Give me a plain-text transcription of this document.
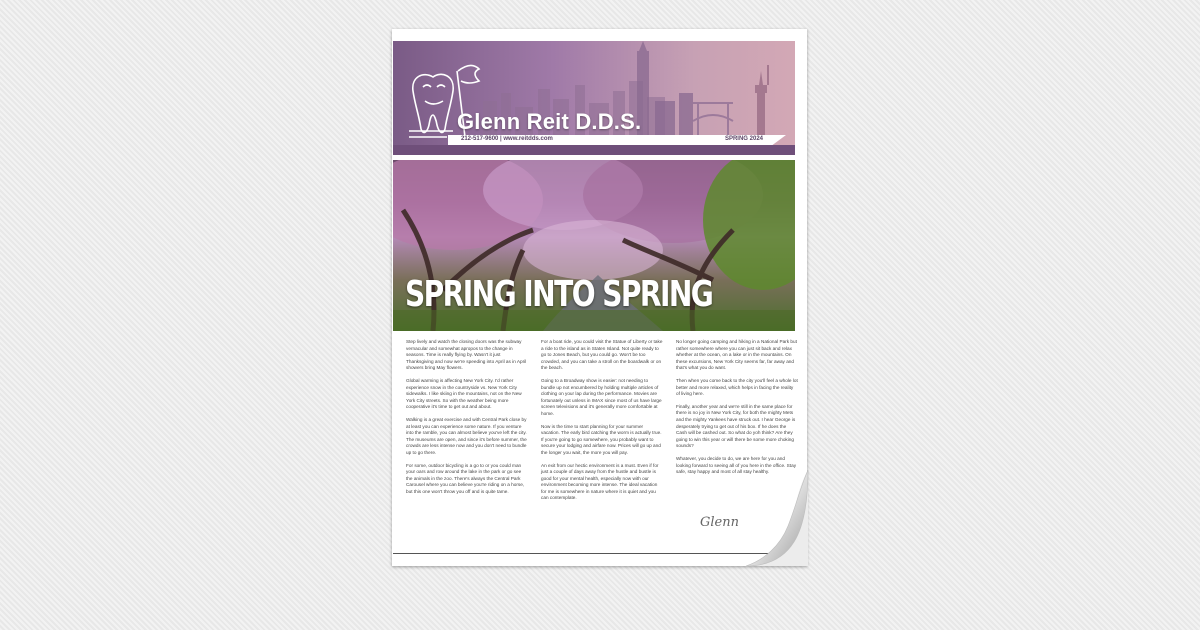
Glenn Reit D.D.S.
212-517-9600 | www.reitdds.com	SPRING 2024
SPRING INTO SPRING

Step lively and watch the closing doors was the subway vernacular and somewhat apropos to the change in seasons. Time is really flying by. Wasn't it just Thanksgiving and now we're speeding into April as in April showers bring May flowers.

Global warming is affecting New York City. I'd rather experience snow in the countryside vs. New York City sidewalks. I like skiing in the mountains, not on the New York City streets. So with the weather being more cooperative it's time to get out and about.

Walking is a great exercise and with Central Park close by at least you can experience some nature. If you venture into the ramble, you can almost believe you've left the city. The museums are open, and since it's before summer, the crowds are less intense now and you don't need to bundle up to go there.

For some, outdoor bicycling is a go to or you could man your oars and row around the lake in the park or go see the animals in the zoo. There's always the Central Park Carousel where you can believe you're riding on a horse, but this one won't throw you off and is quite tame.

For a boat ride, you could visit the Statue of Liberty or take a ride to the island as in Staten Island. Not quite ready to go to Jones Beach, but you could go. Won't be too crowded, and you can take a stroll on the boardwalk or on the beach.

Going to a Broadway show is easier: not needing to bundle up not encumbered by holding multiple articles of clothing on your lap during the performance. Movies are fortunately out unless in IMAX since most of us have large screen televisions and it's generally more comfortable at home.

Now is the time to start planning for your summer vacation. The early bird catching the worm is actually true. If you're going to go somewhere, you probably want to secure your lodging and airfare now. Prices will go up and the longer you wait, the more you will pay.

An exit from our hectic environment is a must. Even if for just a couple of days away from the hustle and bustle is good for your mental health, especially now with our environment becoming more intense. The ideal vacation for me is somewhere in nature where it is quiet and you can contemplate.

No longer going camping and hiking in a National Park but rather somewhere where you can just sit back and relax whether at the ocean, on a lake or in the mountains. On these excursions, New York City seems far, far away and that's what you do want.

Then when you come back to the city you'll feel a whole lot better and more relaxed, which helps in facing the reality of living here.

Finally, another year and we're still in the same place for there is no joy in New York City, for both the mighty Mets and the mighty Yankees have struck out. I hear George is desperately trying to get out of his box. If he does the Cash will be cashed out. So what do yoh think? Are they going to win this year or will there be some more choking sounds?

Whatever, you decide to do, we are here for you and looking forward to seeing all of you here in the office. Stay safe, stay happy and most of all stay healthy.

Glenn
